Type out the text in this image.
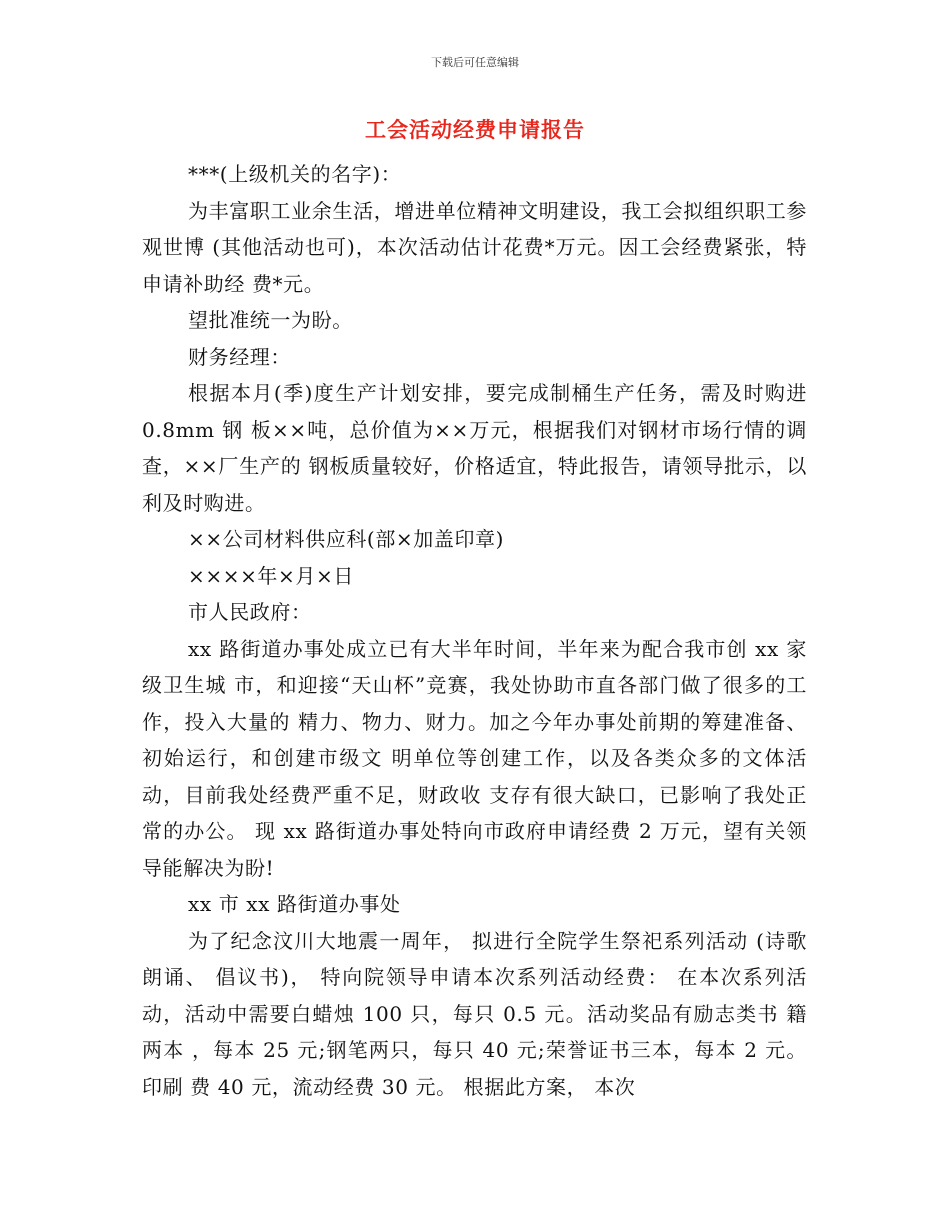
下载后可任意编辑
工会活动经费申请报告

***(上级机关的名字)：

为丰富职工业余生活，增进单位精神文明建设，我工会拟组织职工参观世博 (其他活动也可)，本次活动估计花费*万元。因工会经费紧张，特申请补助经 费*元。

望批准统一为盼。

财务经理：

根据本月(季)度生产计划安排，要完成制桶生产任务，需及时购进 0.8mm 钢 板××吨，总价值为××万元，根据我们对钢材市场行情的调查，××厂生产的 钢板质量较好，价格适宜，特此报告，请领导批示，以利及时购进。

××公司材料供应科(部×加盖印章)

××××年×月×日

市人民政府：

xx 路街道办事处成立已有大半年时间，半年来为配合我市创 xx 家级卫生城 市，和迎接“天山杯”竞赛，我处协助市直各部门做了很多的工作，投入大量的 精力、物力、财力。加之今年办事处前期的筹建准备、初始运行，和创建市级文 明单位等创建工作，以及各类众多的文体活动，目前我处经费严重不足，财政收 支存有很大缺口，已影响了我处正常的办公。 现 xx 路街道办事处特向市政府申请经费 2 万元，望有关领导能解决为盼!

xx 市 xx 路街道办事处

为了纪念汶川大地震一周年， 拟进行全院学生祭祀系列活动 (诗歌朗诵、 倡议书)， 特向院领导申请本次系列活动经费： 在本次系列活动，活动中需要白蜡烛 100 只，每只 0.5 元。活动奖品有励志类书 籍 两本 ，每本 25 元;钢笔两只，每只 40 元;荣誉证书三本，每本 2 元。印刷 费 40 元，流动经费 30 元。 根据此方案， 本次
